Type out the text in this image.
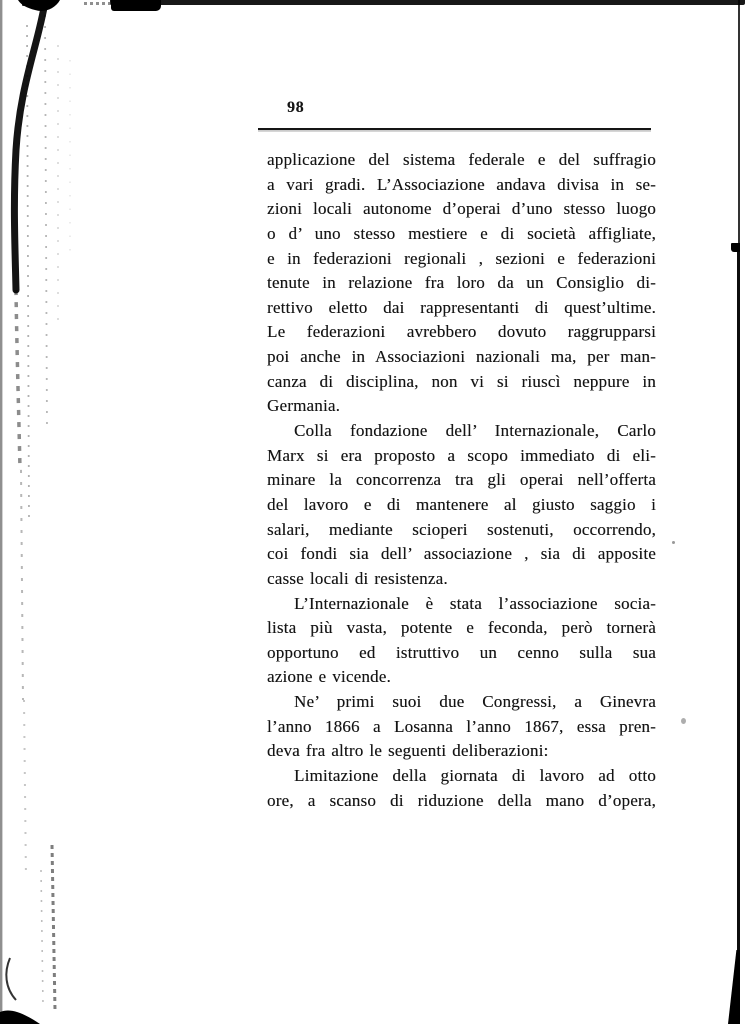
98
applicazione del sistema federale e del suffragio
a vari gradi. L’Associazione andava divisa in se-
zioni locali autonome d’operai d’uno stesso luogo
o d’ uno stesso mestiere e di società affigliate,
e in federazioni regionali , sezioni e federazioni
tenute in relazione fra loro da un Consiglio di-
rettivo eletto dai rappresentanti di quest’ultime.
Le federazioni avrebbero dovuto raggrupparsi
poi anche in Associazioni nazionali ma, per man-
canza di disciplina, non vi si riuscì neppure in
Germania.
Colla fondazione dell’ Internazionale, Carlo
Marx si era proposto a scopo immediato di eli-
minare la concorrenza tra gli operai nell’offerta
del lavoro e di mantenere al giusto saggio i
salari, mediante scioperi sostenuti, occorrendo,
coi fondi sia dell’ associazione , sia di apposite
casse locali di resistenza.
L’Internazionale è stata l’associazione socia-
lista più vasta, potente e feconda, però tornerà
opportuno ed istruttivo un cenno sulla sua
azione e vicende.
Ne’ primi suoi due Congressi, a Ginevra
l’anno 1866 a Losanna l’anno 1867, essa pren-
deva fra altro le seguenti deliberazioni:
Limitazione della giornata di lavoro ad otto
ore, a scanso di riduzione della mano d’opera,
